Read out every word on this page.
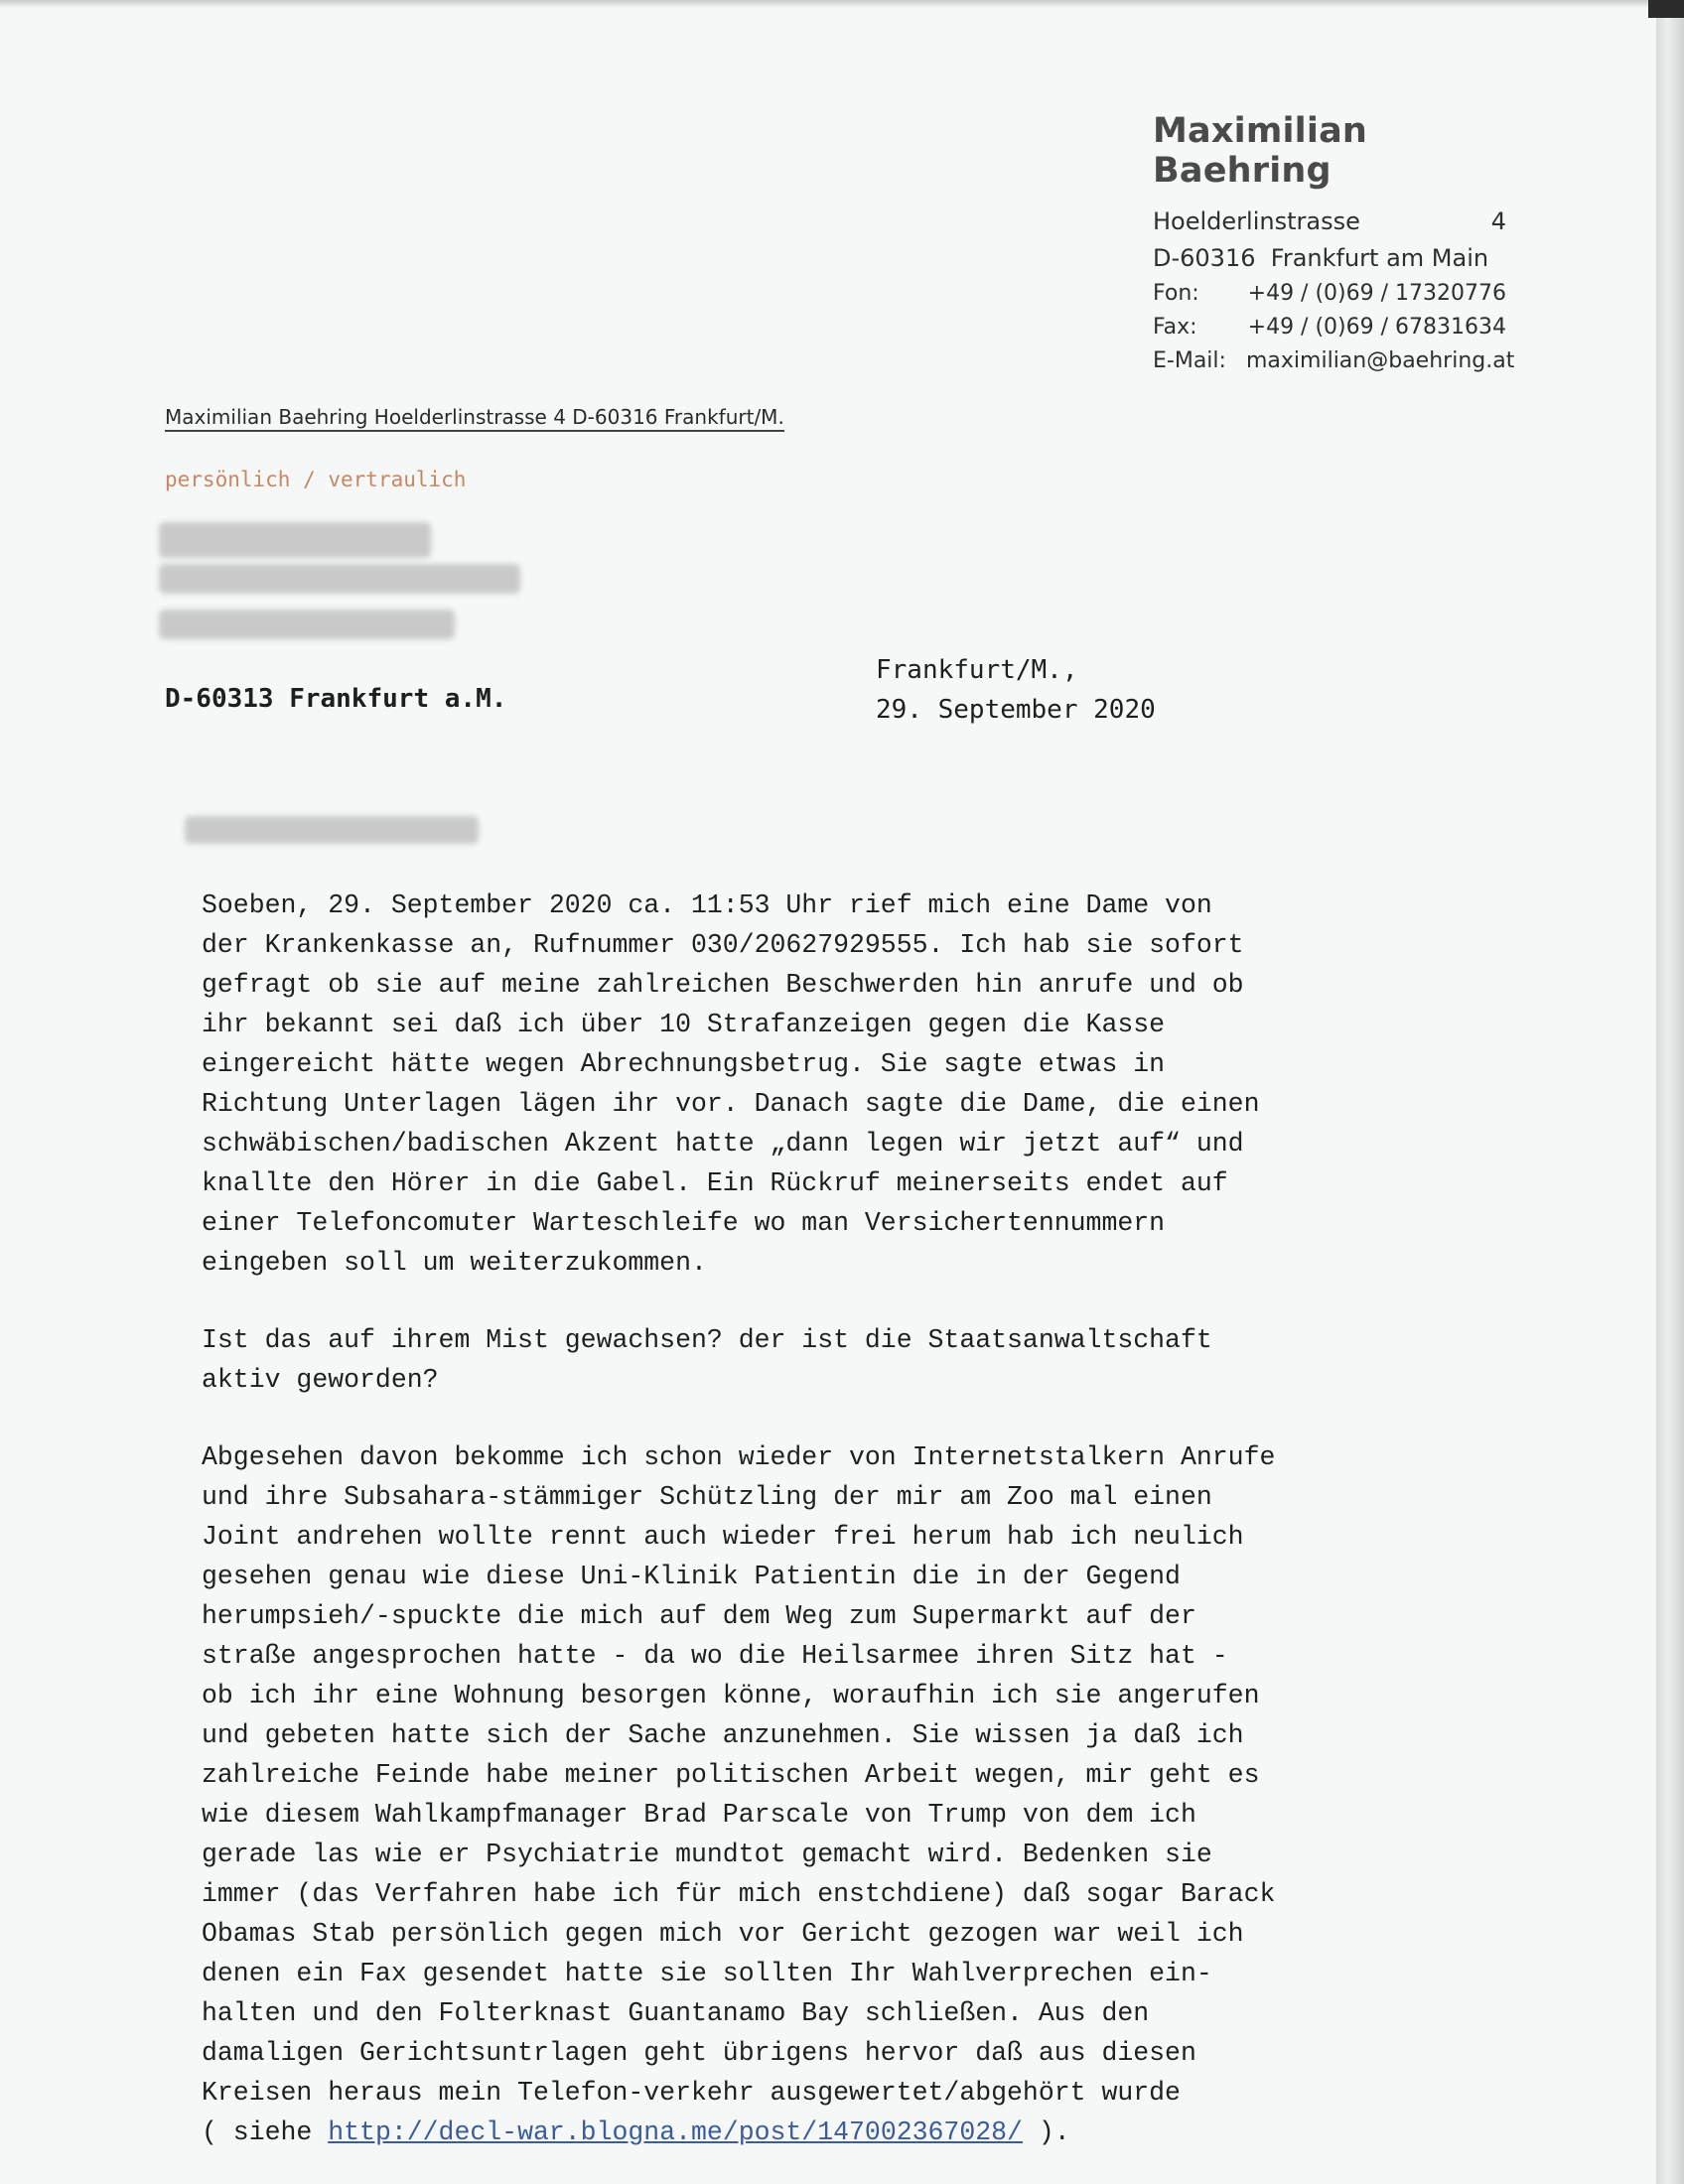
Maximilian Baehring
Hoelderlinstrasse	4
D-60316 Frankfurt am Main
Fon:	+49 / (0)69 / 17320776
Fax:	+49 / (0)69 / 67831634
E-Mail: maximilian@baehring.at
Maximilian Baehring Hoelderlinstrasse 4 D-60316 Frankfurt/M.
persönlich / vertraulich
D-60313 Frankfurt a.M.
Frankfurt/M.,
29. September 2020
Soeben, 29. September 2020 ca. 11:53 Uhr rief mich eine Dame von
der Krankenkasse an, Rufnummer 030/20627929555. Ich hab sie sofort
gefragt ob sie auf meine zahlreichen Beschwerden hin anrufe und ob
ihr bekannt sei daß ich über 10 Strafanzeigen gegen die Kasse
eingereicht hätte wegen Abrechnungsbetrug. Sie sagte etwas in
Richtung Unterlagen lägen ihr vor. Danach sagte die Dame, die einen
schwäbischen/badischen Akzent hatte „dann legen wir jetzt auf“ und
knallte den Hörer in die Gabel. Ein Rückruf meinerseits endet auf
einer Telefoncomuter Warteschleife wo man Versichertennummern
eingeben soll um weiterzukommen.
Ist das auf ihrem Mist gewachsen? der ist die Staatsanwaltschaft
aktiv geworden?
Abgesehen davon bekomme ich schon wieder von Internetstalkern Anrufe
und ihre Subsahara-stämmiger Schützling der mir am Zoo mal einen
Joint andrehen wollte rennt auch wieder frei herum hab ich neulich
gesehen genau wie diese Uni-Klinik Patientin die in der Gegend
herumpsieh/-spuckte die mich auf dem Weg zum Supermarkt auf der
straße angesprochen hatte - da wo die Heilsarmee ihren Sitz hat -
ob ich ihr eine Wohnung besorgen könne, woraufhin ich sie angerufen
und gebeten hatte sich der Sache anzunehmen. Sie wissen ja daß ich
zahlreiche Feinde habe meiner politischen Arbeit wegen, mir geht es
wie diesem Wahlkampfmanager Brad Parscale von Trump von dem ich
gerade las wie er Psychiatrie mundtot gemacht wird. Bedenken sie
immer (das Verfahren habe ich für mich enstchdiene) daß sogar Barack
Obamas Stab persönlich gegen mich vor Gericht gezogen war weil ich
denen ein Fax gesendet hatte sie sollten Ihr Wahlverprechen ein-
halten und den Folterknast Guantanamo Bay schließen. Aus den
damaligen Gerichtsuntrlagen geht übrigens hervor daß aus diesen
Kreisen heraus mein Telefon-verkehr ausgewertet/abgehört wurde
( siehe http://decl-war.blogna.me/post/147002367028/ ).
